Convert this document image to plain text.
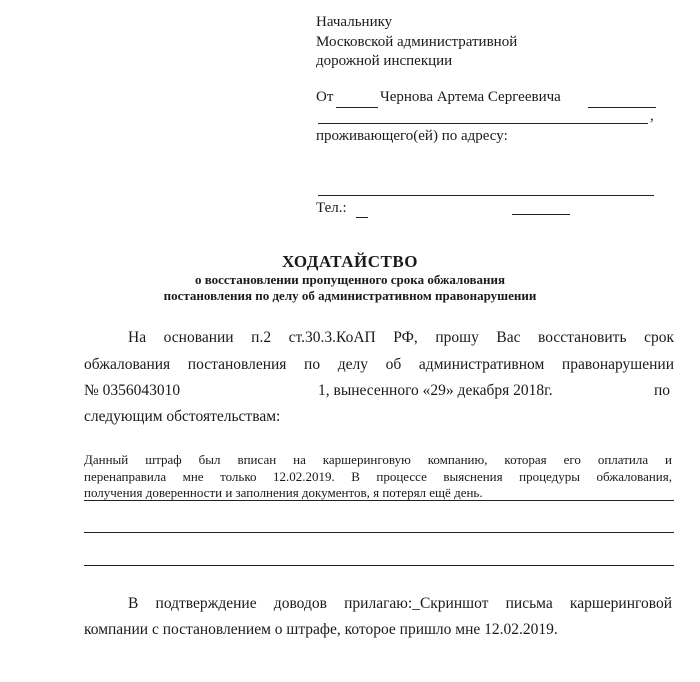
Начальнику
Московской административной
дорожной инспекции
От	Чернова Артема Сергеевича
,
проживающего(ей) по адресу:
Тел.:
ХОДАТАЙСТВО
о восстановлении пропущенного срока обжалования
постановления по делу об административном правонарушении
На основании п.2 ст.30.3.КоАП РФ, прошу Вас восстановить срок
обжалования постановления по делу об административном правонарушении
№ 0356043010	1, вынесенного «29» декабря 2018г.	по
следующим обстоятельствам:
Данный штраф был вписан на каршеринговую компанию, которая его оплатила и
перенаправила мне только 12.02.2019. В процессе выяснения процедуры обжалования,
получения доверенности и заполнения документов, я потерял ещё день.
В подтверждение доводов прилагаю:_Скриншот письма каршеринговой
компании с постановлением о штрафе, которое пришло мне 12.02.2019.
